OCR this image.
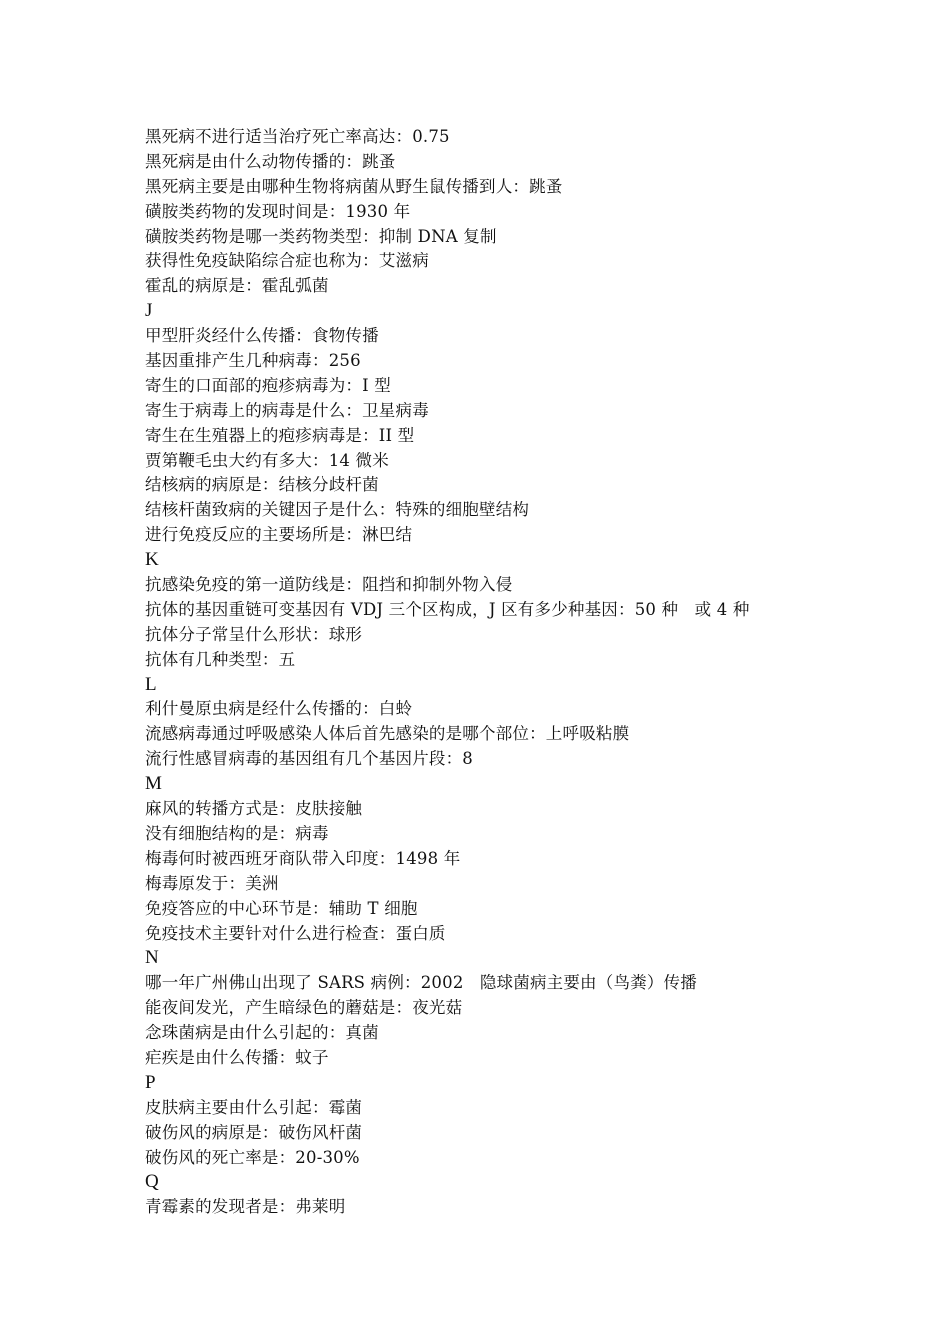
黑死病不进行适当治疗死亡率高达：0.75
黑死病是由什么动物传播的：跳蚤
黑死病主要是由哪种生物将病菌从野生鼠传播到人：跳蚤
磺胺类药物的发现时间是：1930 年
磺胺类药物是哪一类药物类型：抑制 DNA 复制
获得性免疫缺陷综合症也称为：艾滋病
霍乱的病原是：霍乱弧菌
J
甲型肝炎经什么传播：食物传播
基因重排产生几种病毒：256
寄生的口面部的疱疹病毒为：I 型
寄生于病毒上的病毒是什么：卫星病毒
寄生在生殖器上的疱疹病毒是：II 型
贾第鞭毛虫大约有多大：14 微米
结核病的病原是：结核分歧杆菌
结核杆菌致病的关键因子是什么：特殊的细胞壁结构
进行免疫反应的主要场所是：淋巴结
K
抗感染免疫的第一道防线是：阻挡和抑制外物入侵
抗体的基因重链可变基因有 VDJ 三个区构成，J 区有多少种基因：50 种   或 4 种
抗体分子常呈什么形状：球形
抗体有几种类型：五
L
利什曼原虫病是经什么传播的：白蛉
流感病毒通过呼吸感染人体后首先感染的是哪个部位：上呼吸粘膜
流行性感冒病毒的基因组有几个基因片段：8
M
麻风的转播方式是：皮肤接触
没有细胞结构的是：病毒
梅毒何时被西班牙商队带入印度：1498 年
梅毒原发于：美洲
免疫答应的中心环节是：辅助 T 细胞
免疫技术主要针对什么进行检查：蛋白质
N
哪一年广州佛山出现了 SARS 病例：2002   隐球菌病主要由（鸟粪）传播
能夜间发光，产生暗绿色的蘑菇是：夜光菇
念珠菌病是由什么引起的：真菌
疟疾是由什么传播：蚊子
P
皮肤病主要由什么引起：霉菌
破伤风的病原是：破伤风杆菌
破伤风的死亡率是：20-30%
Q
青霉素的发现者是：弗莱明
